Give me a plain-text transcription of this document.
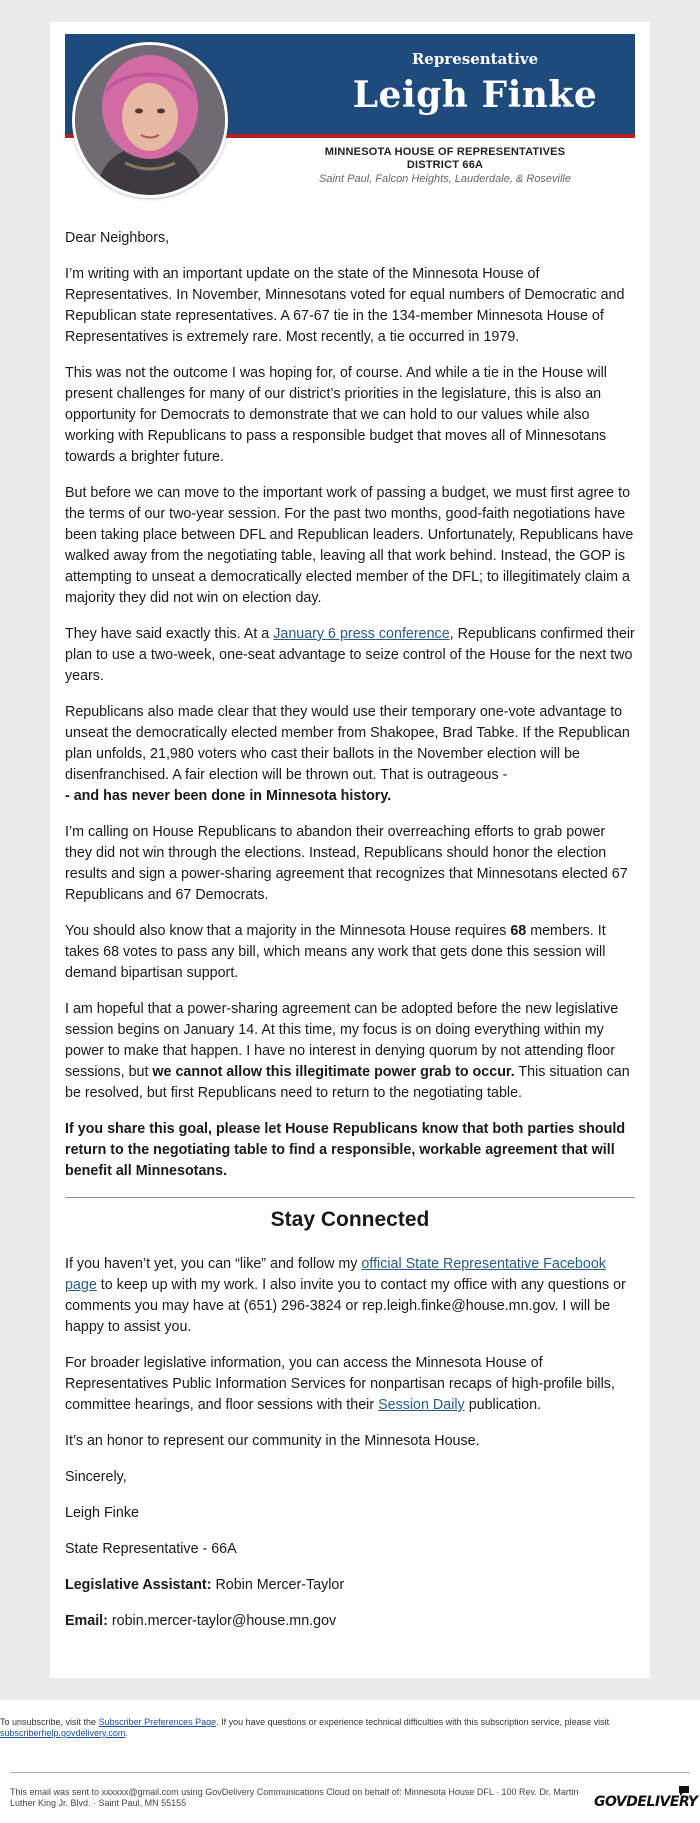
Representative
Leigh Finke
MINNESOTA HOUSE OF REPRESENTATIVES
DISTRICT 66A
Saint Paul, Falcon Heights, Lauderdale, & Roseville

Dear Neighbors,

I’m writing with an important update on the state of the Minnesota House of Representatives. In November, Minnesotans voted for equal numbers of Democratic and Republican state representatives. A 67-67 tie in the 134-member Minnesota House of Representatives is extremely rare. Most recently, a tie occurred in 1979.

This was not the outcome I was hoping for, of course. And while a tie in the House will present challenges for many of our district’s priorities in the legislature, this is also an opportunity for Democrats to demonstrate that we can hold to our values while also working with Republicans to pass a responsible budget that moves all of Minnesotans towards a brighter future.

But before we can move to the important work of passing a budget, we must first agree to the terms of our two-year session. For the past two months, good-faith negotiations have been taking place between DFL and Republican leaders. Unfortunately, Republicans have walked away from the negotiating table, leaving all that work behind. Instead, the GOP is attempting to unseat a democratically elected member of the DFL; to illegitimately claim a majority they did not win on election day.

They have said exactly this. At a January 6 press conference, Republicans confirmed their plan to use a two-week, one-seat advantage to seize control of the House for the next two years.

Republicans also made clear that they would use their temporary one-vote advantage to unseat the democratically elected member from Shakopee, Brad Tabke. If the Republican plan unfolds, 21,980 voters who cast their ballots in the November election will be disenfranchised. A fair election will be thrown out. That is outrageous -
- and has never been done in Minnesota history.

I’m calling on House Republicans to abandon their overreaching efforts to grab power they did not win through the elections. Instead, Republicans should honor the election results and sign a power-sharing agreement that recognizes that Minnesotans elected 67 Republicans and 67 Democrats.

You should also know that a majority in the Minnesota House requires 68 members. It takes 68 votes to pass any bill, which means any work that gets done this session will demand bipartisan support.

I am hopeful that a power-sharing agreement can be adopted before the new legislative session begins on January 14. At this time, my focus is on doing everything within my power to make that happen. I have no interest in denying quorum by not attending floor sessions, but we cannot allow this illegitimate power grab to occur. This situation can be resolved, but first Republicans need to return to the negotiating table.

If you share this goal, please let House Republicans know that both parties should return to the negotiating table to find a responsible, workable agreement that will benefit all Minnesotans.

Stay Connected

If you haven’t yet, you can “like” and follow my official State Representative Facebook page to keep up with my work. I also invite you to contact my office with any questions or comments you may have at (651) 296-3824 or rep.leigh.finke@house.mn.gov. I will be happy to assist you.

For broader legislative information, you can access the Minnesota House of Representatives Public Information Services for nonpartisan recaps of high-profile bills, committee hearings, and floor sessions with their Session Daily publication.

It’s an honor to represent our community in the Minnesota House.

Sincerely,

Leigh Finke

State Representative - 66A

Legislative Assistant: Robin Mercer-Taylor

Email: robin.mercer-taylor@house.mn.gov

To unsubscribe, visit the Subscriber Preferences Page. If you have questions or experience technical difficulties with this subscription service, please visit subscriberhelp.govdelivery.com.
This email was sent to xxxxxx@gmail.com using GovDelivery Communications Cloud on behalf of: Minnesota House DFL · 100 Rev. Dr. Martin Luther King Jr. Blvd. · Saint Paul, MN 55155	GOVDELIVERY
